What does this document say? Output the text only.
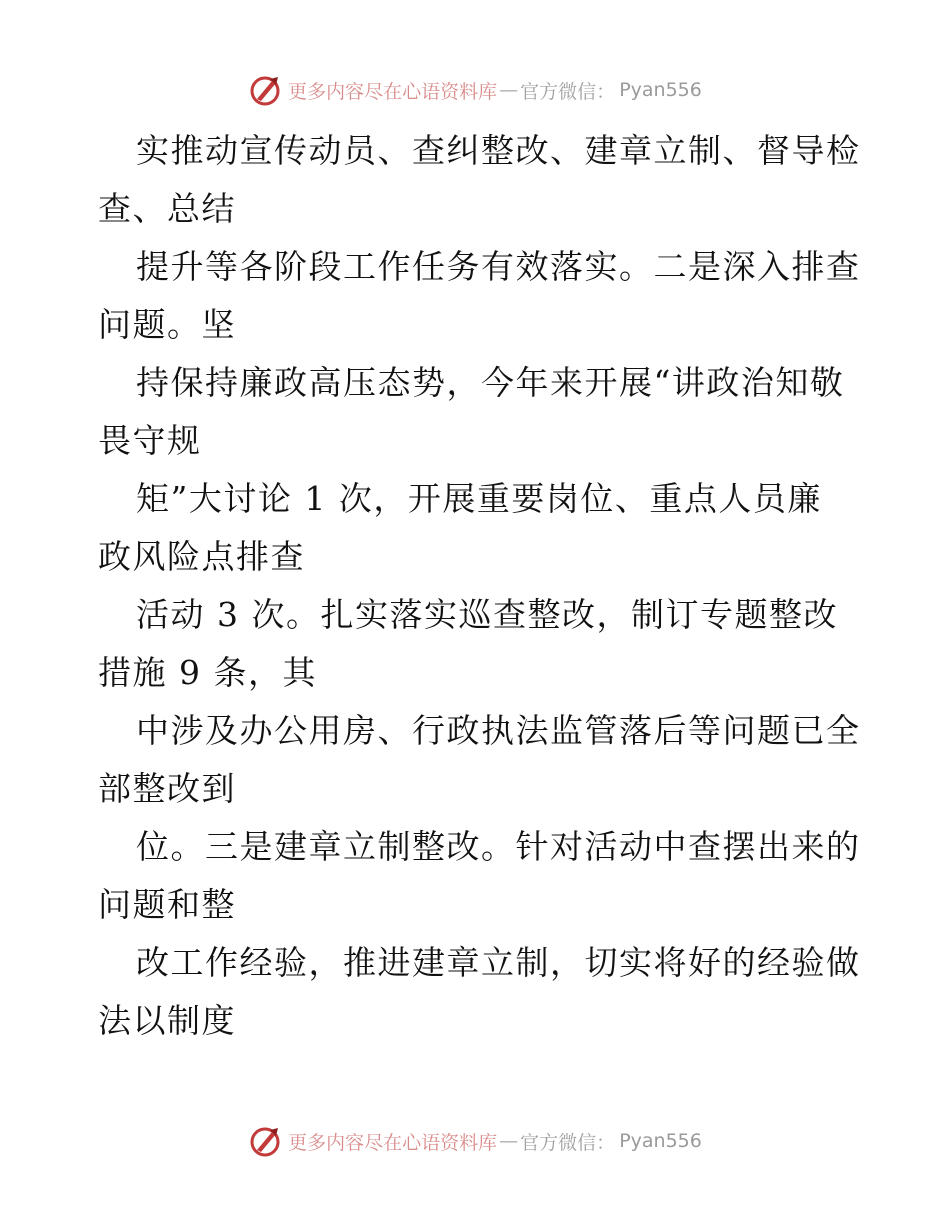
更多内容尽在心语资料库 — 官方微信： Pyan556
实推动宣传动员、查纠整改、建章立制、督导检
查、总结
提升等各阶段工作任务有效落实。二是深入排查
问题。坚
持保持廉政高压态势，今年来开展“讲政治知敬
畏守规
矩”大讨论 1 次，开展重要岗位、重点人员廉
政风险点排查
活动 3 次。扎实落实巡查整改，制订专题整改
措施 9 条，其
中涉及办公用房、行政执法监管落后等问题已全
部整改到
位。三是建章立制整改。针对活动中查摆出来的
问题和整
改工作经验，推进建章立制，切实将好的经验做
法以制度
更多内容尽在心语资料库 — 官方微信： Pyan556
